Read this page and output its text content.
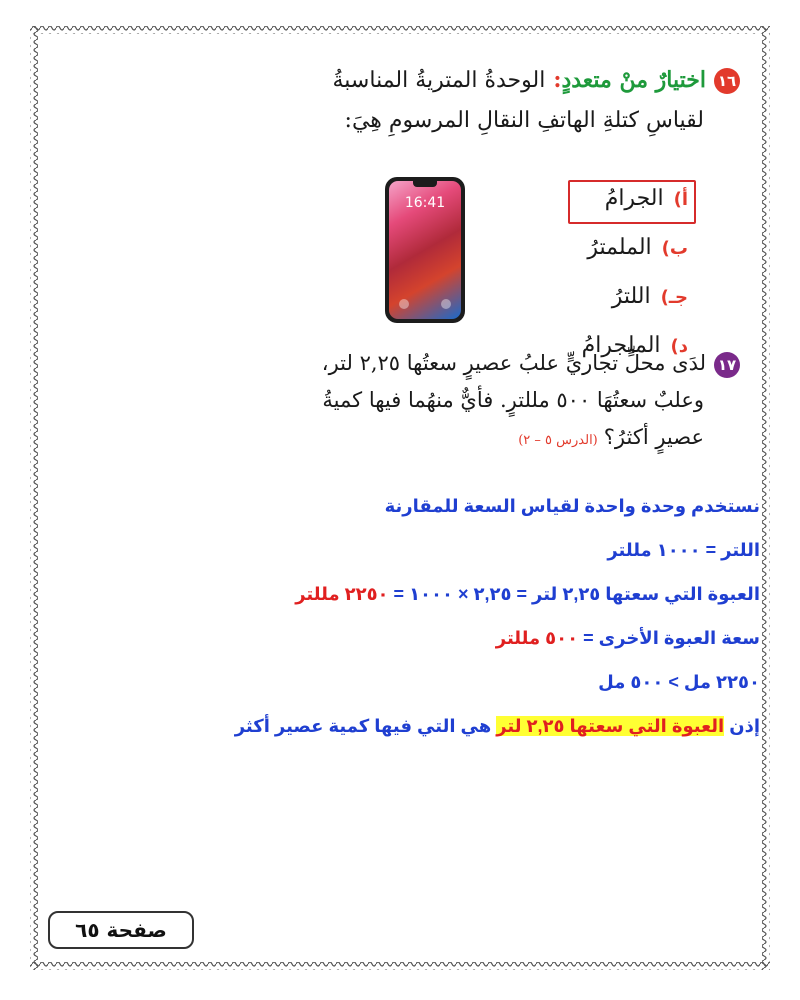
١٦اختيارٌ منْ متعددٍ:الوحدةُ المتريةُ المناسبةُ
لقياسِ كتلةِ الهاتفِ النقالِ المرسومِ هِيَ:
أ)الجرامُ
ب)الملمترُ
جـ)اللترُ
د)الملجرامُ
16:41
١٧لدَى محلٍّ تجاريٍّ علبُ عصيرٍ سعتُها ٢,٢٥ لتر،
وعلبٌ سعتُهَا ٥٠٠ مللترٍ. فأيٌّ منهُما فيها كميةُ
عصيرٍ أكثرُ؟(الدرس ٥ – ٢)
نستخدم وحدة واحدة لقياس السعة للمقارنة
اللتر = ١٠٠٠ مللتر
العبوة التي سعتها ٢,٢٥ لتر = ٢,٢٥ × ١٠٠٠ = ٢٢٥٠ مللتر
سعة العبوة الأخرى = ٥٠٠ مللتر
٢٢٥٠ مل > ٥٠٠ مل
إذن العبوة التي سعتها ٢,٢٥ لتر هي التي فيها كمية عصير أكثر
صفحة ٦٥
